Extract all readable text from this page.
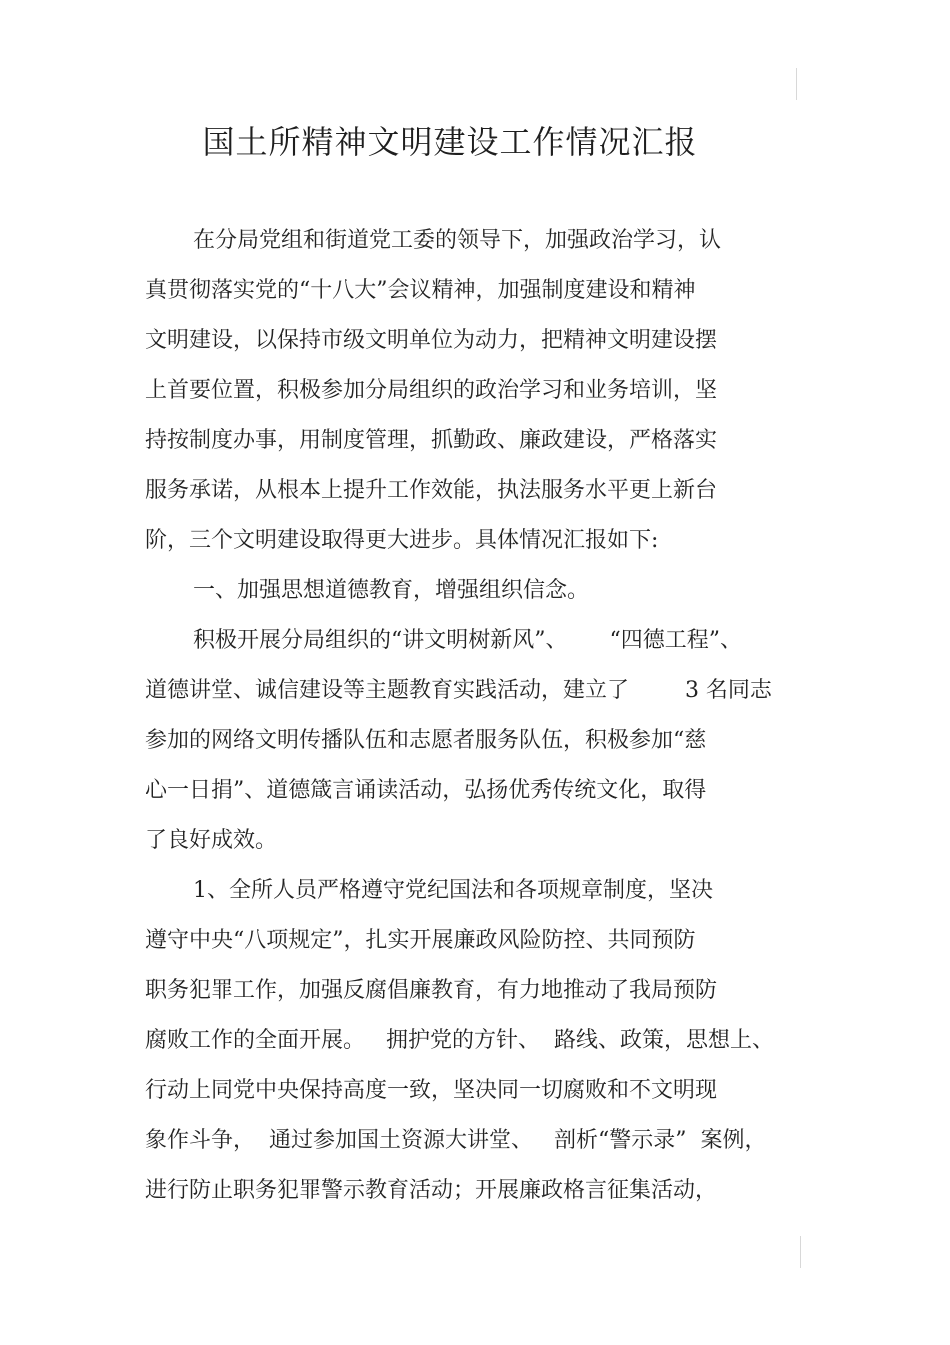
国土所精神文明建设工作情况汇报
在分局党组和街道党工委的领导下，加强政治学习，认
真贯彻落实党的“十八大”会议精神，加强制度建设和精神
文明建设，以保持市级文明单位为动力，把精神文明建设摆
上首要位置，积极参加分局组织的政治学习和业务培训，坚
持按制度办事，用制度管理，抓勤政、廉政建设，严格落实
服务承诺，从根本上提升工作效能，执法服务水平更上新台
阶，三个文明建设取得更大进步。具体情况汇报如下:
一、加强思想道德教育，增强组织信念。
积极开展分局组织的“讲文明树新风”、      “四德工程”、
道德讲堂、诚信建设等主题教育实践活动，建立了        3 名同志
参加的网络文明传播队伍和志愿者服务队伍，积极参加“慈
心一日捐”、道德箴言诵读活动，弘扬优秀传统文化，取得
了良好成效。
1、全所人员严格遵守党纪国法和各项规章制度，坚决
遵守中央“八项规定”，扎实开展廉政风险防控、共同预防
职务犯罪工作，加强反腐倡廉教育，有力地推动了我局预防
腐败工作的全面开展。   拥护党的方针、  路线、政策，思想上、
行动上同党中央保持高度一致，坚决同一切腐败和不文明现
象作斗争，  通过参加国土资源大讲堂、   剖析“警示录”  案例，
进行防止职务犯罪警示教育活动；开展廉政格言征集活动，
